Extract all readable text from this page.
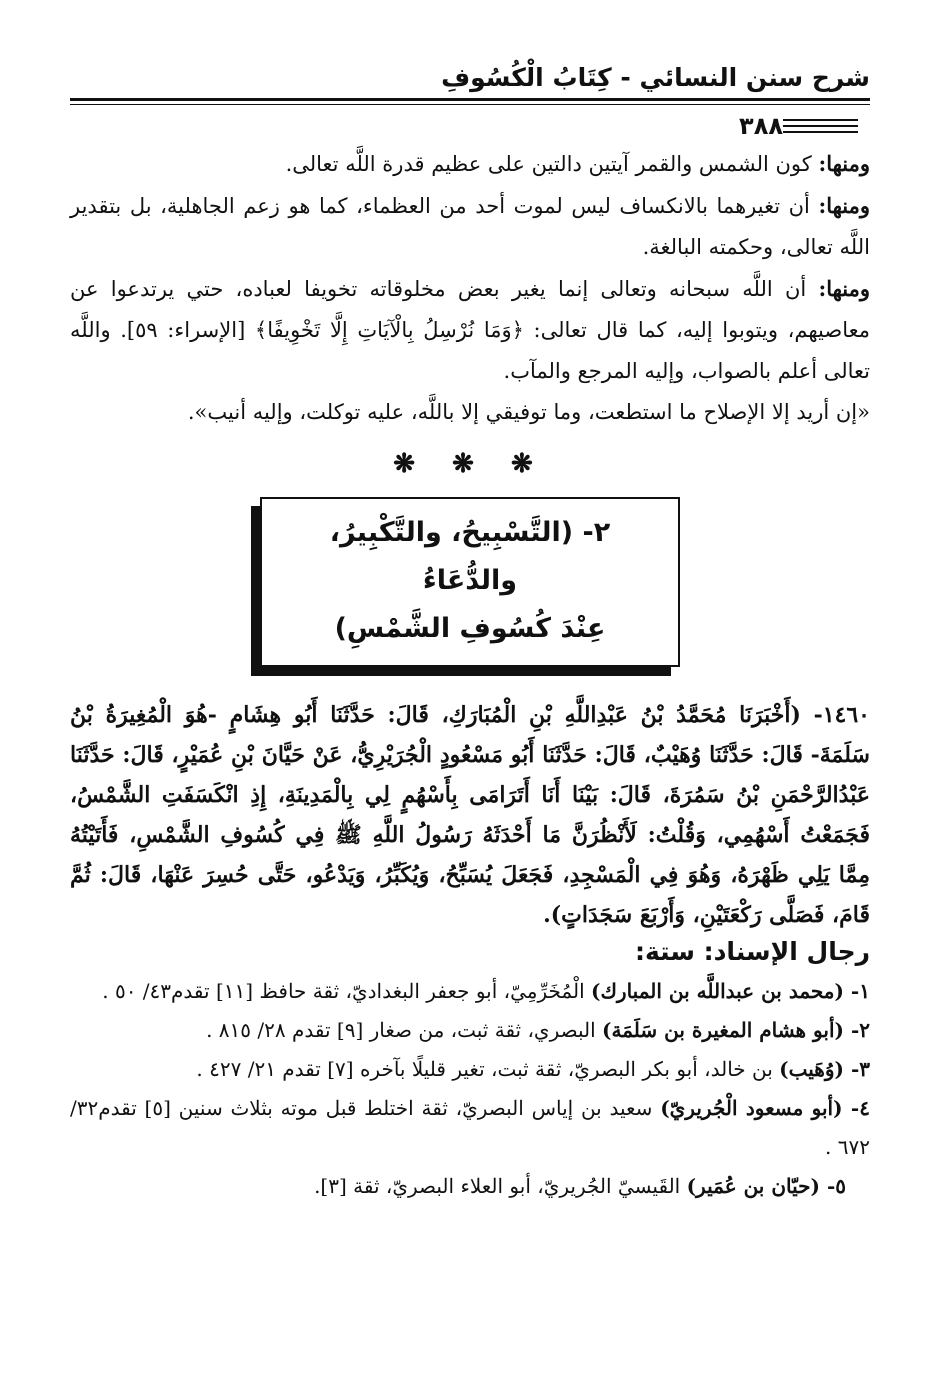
شرح سنن النسائي - كِتَابُ الْكُسُوفِ
٣٨٨

ومنها: كون الشمس والقمر آيتين دالتين على عظيم قدرة اللَّه تعالى.

ومنها: أن تغيرهما بالانكساف ليس لموت أحد من العظماء، كما هو زعم الجاهلية، بل بتقدير اللَّه تعالى، وحكمته البالغة.

ومنها: أن اللَّه سبحانه وتعالى إنما يغير بعض مخلوقاته تخويفا لعباده، حتي يرتدعوا عن معاصيهم، ويتوبوا إليه، كما قال تعالى: ﴿وَمَا نُرْسِلُ بِالْآيَاتِ إِلَّا تَخْوِيفًا﴾ [الإسراء: ٥٩]. واللَّه تعالى أعلم بالصواب، وإليه المرجع والمآب.

«إن أريد إلا الإصلاح ما استطعت، وما توفيقي إلا باللَّه، عليه توكلت، وإليه أنيب».

❋ ❋ ❋
٢- (التَّسْبِيحُ، والتَّكْبِيرُ، والدُّعَاءُ
عِنْدَ كُسُوفِ الشَّمْسِ)

١٤٦٠- (أَخْبَرَنَا مُحَمَّدُ بْنُ عَبْدِاللَّهِ بْنِ الْمُبَارَكِ، قَالَ: حَدَّثَنَا أَبُو هِشَامٍ -هُوَ الْمُغِيرَةُ بْنُ سَلَمَةَ- قَالَ: حَدَّثَنَا وُهَيْبٌ، قَالَ: حَدَّثَنَا أَبُو مَسْعُودٍ الْجُرَيْرِيُّ، عَنْ حَيَّانَ بْنِ عُمَيْرٍ، قَالَ: حَدَّثَنَا عَبْدُالرَّحْمَنِ بْنُ سَمُرَةَ، قَالَ: بَيْنَا أَنَا أَتَرَامَى بِأَسْهُمٍ لِي بِالْمَدِينَةِ، إِذِ انْكَسَفَتِ الشَّمْسُ، فَجَمَعْتُ أَسْهُمِي، وَقُلْتُ: لَأَنْظُرَنَّ مَا أَحْدَثَهُ رَسُولُ اللَّهِ ﷺ فِي كُسُوفِ الشَّمْسِ، فَأَتَيْتُهُ مِمَّا يَلِي ظَهْرَهُ، وَهُوَ فِي الْمَسْجِدِ، فَجَعَلَ يُسَبِّحُ، وَيُكَبِّرُ، وَيَدْعُو، حَتَّى حُسِرَ عَنْهَا، قَالَ: ثُمَّ قَامَ، فَصَلَّى رَكْعَتَيْنِ، وَأَرْبَعَ سَجَدَاتٍ).

رجال الإسناد: ستة:

١- (محمد بن عبداللَّه بن المبارك) الْمُخَرِّمِيّ، أبو جعفر البغداديّ، ثقة حافظ [١١] تقدم٤٣/ ٥٠ .

٢- (أبو هشام المغيرة بن سَلَمَة) البصري، ثقة ثبت، من صغار [٩] تقدم ٢٨/ ٨١٥ .

٣- (وُهَيب) بن خالد، أبو بكر البصريّ، ثقة ثبت، تغير قليلًا بآخره [٧] تقدم ٢١/ ٤٢٧ .

٤- (أبو مسعود الْجُريريّ) سعيد بن إياس البصريّ، ثقة اختلط قبل موته بثلاث سنين [٥] تقدم٣٢/ ٦٧٢ .

٥- (حيّان بن عُمَير) القَيسيّ الجُريريّ، أبو العلاء البصريّ، ثقة [٣].
